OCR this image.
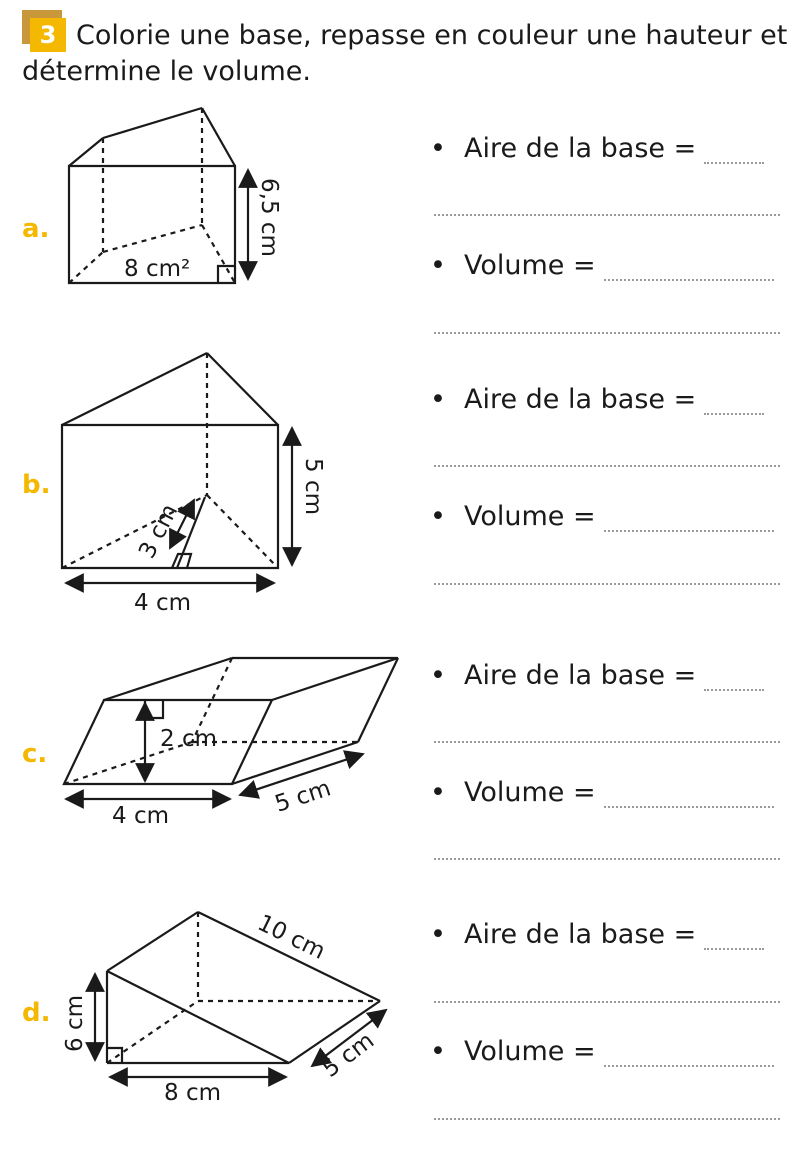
3 Colorie une base, repasse en couleur une hauteur et détermine le volume.
8 cm²
6,5 cm
3 cm
5 cm
4 cm
2 cm
4 cm	5 cm
10 cm
6 cm
5 cm
8 cm
a.
b.
c.
d.
• Aire de la base =
• Volume =
• Aire de la base =
• Volume =
• Aire de la base =
• Volume =
• Aire de la base =
• Volume =
